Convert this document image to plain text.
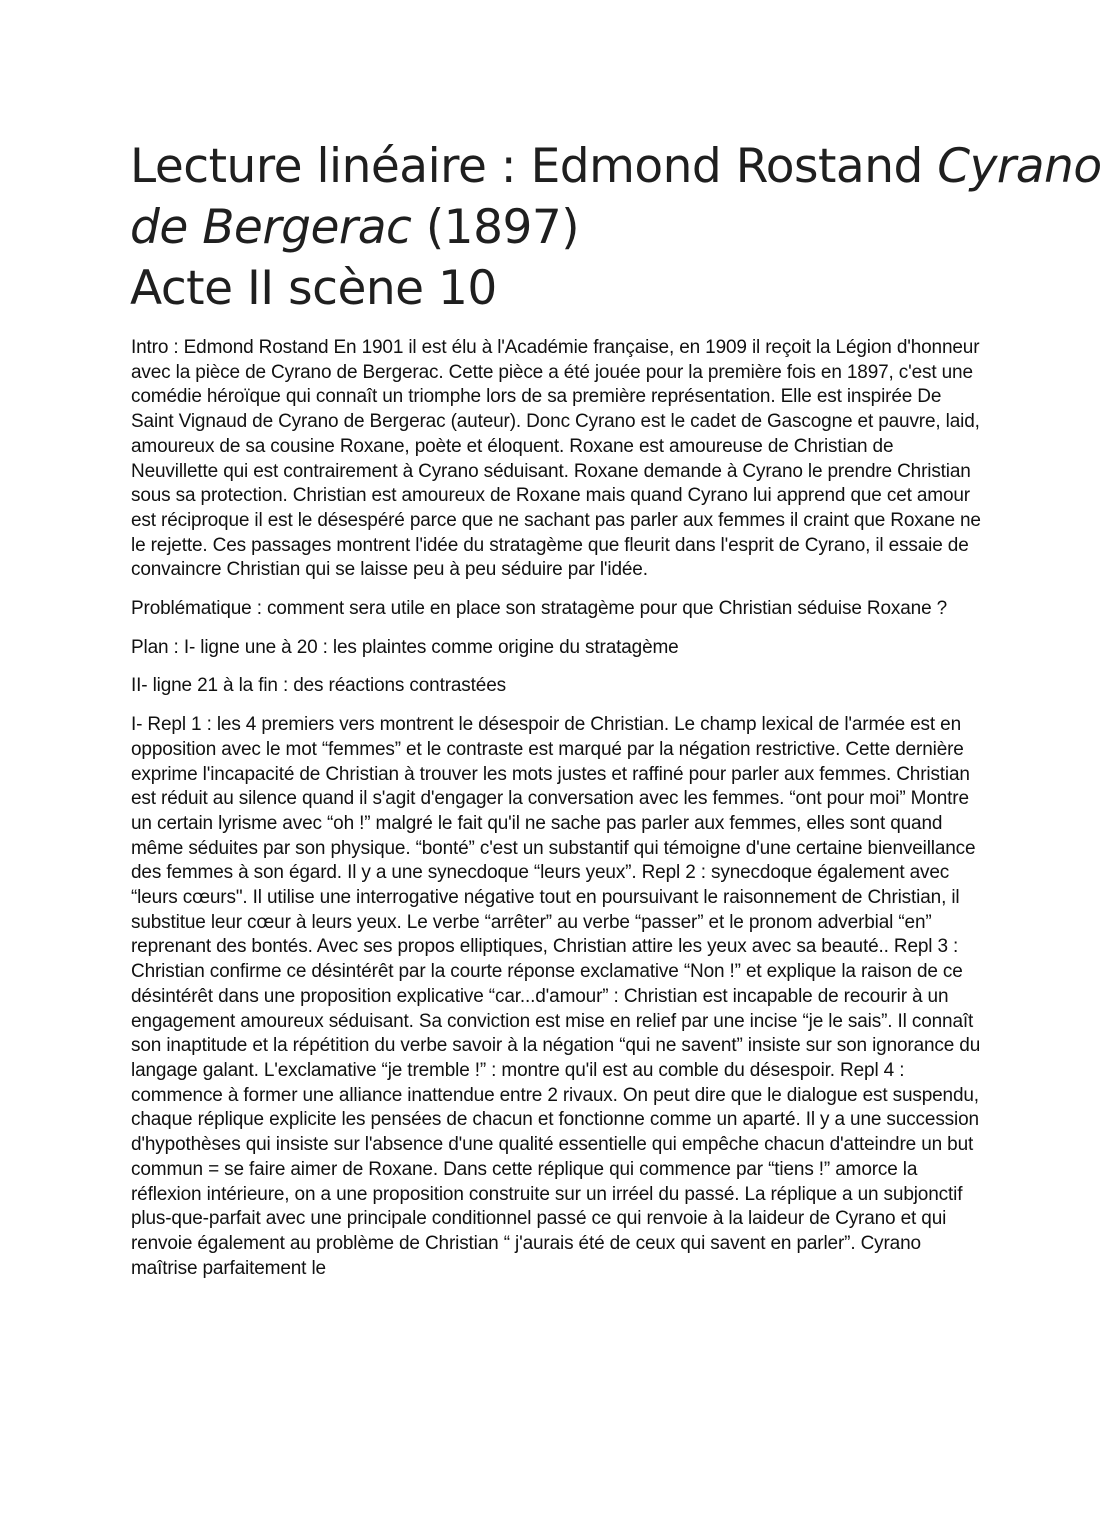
Lecture linéaire : Edmond Rostand Cyrano
de Bergerac (1897)
Acte II scène 10

Intro : Edmond Rostand En 1901 il est élu à l'Académie française, en 1909 il reçoit la Légion d'honneur avec la pièce de Cyrano de Bergerac. Cette pièce a été jouée pour la première fois en 1897, c'est une comédie héroïque qui connaît un triomphe lors de sa première représentation. Elle est inspirée De Saint Vignaud de Cyrano de Bergerac (auteur). Donc Cyrano est le cadet de Gascogne et pauvre, laid, amoureux de sa cousine Roxane, poète et éloquent. Roxane est amoureuse de Christian de Neuvillette qui est contrairement à Cyrano séduisant. Roxane demande à Cyrano le prendre Christian sous sa protection. Christian est amoureux de Roxane mais quand Cyrano lui apprend que cet amour est réciproque il est le désespéré parce que ne sachant pas parler aux femmes il craint que Roxane ne le rejette. Ces passages montrent l'idée du stratagème que fleurit dans l'esprit de Cyrano, il essaie de convaincre Christian qui se laisse peu à peu séduire par l'idée.

Problématique : comment sera utile en place son stratagème pour que Christian séduise Roxane ?

Plan : I- ligne une à 20 : les plaintes comme origine du stratagème

II- ligne 21 à la fin : des réactions contrastées

I- Repl 1 : les 4 premiers vers montrent le désespoir de Christian. Le champ lexical de l'armée est en opposition avec le mot “femmes” et le contraste est marqué par la négation restrictive. Cette dernière exprime l'incapacité de Christian à trouver les mots justes et raffiné pour parler aux femmes. Christian est réduit au silence quand il s'agit d'engager la conversation avec les femmes. “ont pour moi” Montre un certain lyrisme avec “oh !” malgré le fait qu'il ne sache pas parler aux femmes, elles sont quand même séduites par son physique. “bonté” c'est un substantif qui témoigne d'une certaine bienveillance des femmes à son égard. Il y a une synecdoque “leurs yeux”. Repl 2 : synecdoque également avec “leurs cœurs". Il utilise une interrogative négative tout en poursuivant le raisonnement de Christian, il substitue leur cœur à leurs yeux. Le verbe “arrêter” au verbe “passer” et le pronom adverbial “en” reprenant des bontés. Avec ses propos elliptiques, Christian attire les yeux avec sa beauté.. Repl 3 : Christian confirme ce désintérêt par la courte réponse exclamative “Non !” et explique la raison de ce désintérêt dans une proposition explicative “car...d'amour” : Christian est incapable de recourir à un engagement amoureux séduisant. Sa conviction est mise en relief par une incise “je le sais”. Il connaît son inaptitude et la répétition du verbe savoir à la négation “qui ne savent” insiste sur son ignorance du langage galant. L'exclamative “je tremble !” : montre qu'il est au comble du désespoir. Repl 4 : commence à former une alliance inattendue entre 2 rivaux. On peut dire que le dialogue est suspendu, chaque réplique explicite les pensées de chacun et fonctionne comme un aparté. Il y a une succession d'hypothèses qui insiste sur l'absence d'une qualité essentielle qui empêche chacun d'atteindre un but commun = se faire aimer de Roxane. Dans cette réplique qui commence par “tiens !” amorce la réflexion intérieure, on a une proposition construite sur un irréel du passé. La réplique a un subjonctif plus-que-parfait avec une principale conditionnel passé ce qui renvoie à la laideur de Cyrano et qui renvoie également au problème de Christian “ j'aurais été de ceux qui savent en parler”. Cyrano maîtrise parfaitement le
